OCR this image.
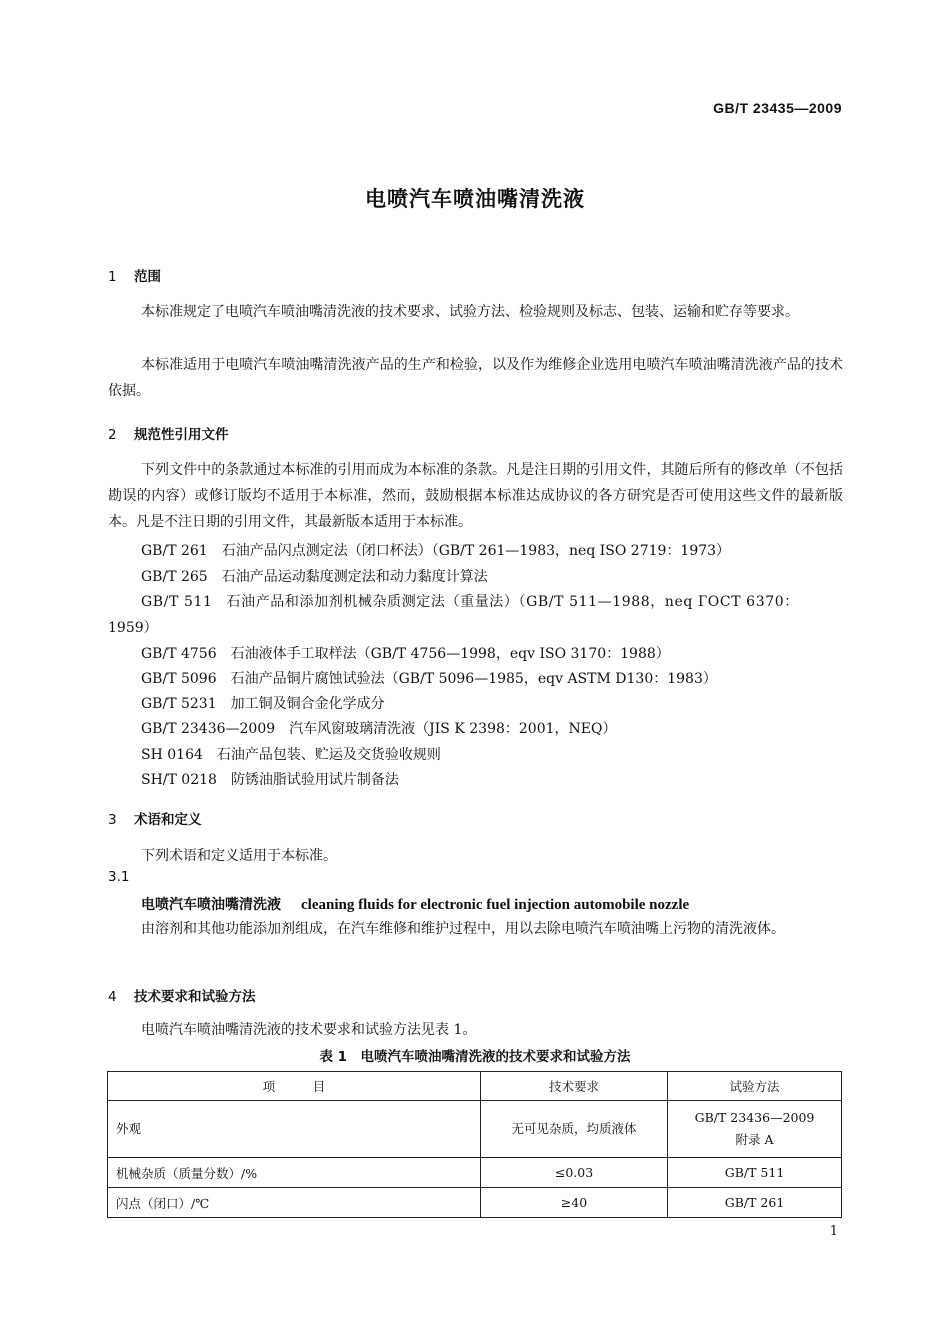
GB/T 23435—2009
电喷汽车喷油嘴清洗液
1 范围
本标准规定了电喷汽车喷油嘴清洗液的技术要求、试验方法、检验规则及标志、包装、运输和贮存等要求。
本标准适用于电喷汽车喷油嘴清洗液产品的生产和检验，以及作为维修企业选用电喷汽车喷油嘴清洗液产品的技术依据。
2 规范性引用文件
下列文件中的条款通过本标准的引用而成为本标准的条款。凡是注日期的引用文件，其随后所有的修改单（不包括勘误的内容）或修订版均不适用于本标准，然而，鼓励根据本标准达成协议的各方研究是否可使用这些文件的最新版本。凡是不注日期的引用文件，其最新版本适用于本标准。
GB/T 261 石油产品闪点测定法（闭口杯法）（GB/T 261—1983，neq ISO 2719：1973）
GB/T 265 石油产品运动黏度测定法和动力黏度计算法
GB/T 511 石油产品和添加剂机械杂质测定法（重量法）（GB/T 511—1988，neq ГОСТ 6370：
1959）
GB/T 4756 石油液体手工取样法（GB/T 4756—1998，eqv ISO 3170：1988）
GB/T 5096 石油产品铜片腐蚀试验法（GB/T 5096—1985，eqv ASTM D130：1983）
GB/T 5231 加工铜及铜合金化学成分
GB/T 23436—2009 汽车风窗玻璃清洗液（JIS K 2398：2001，NEQ）
SH 0164 石油产品包装、贮运及交货验收规则
SH/T 0218 防锈油脂试验用试片制备法
3 术语和定义
下列术语和定义适用于本标准。
3.1
电喷汽车喷油嘴清洗液 cleaning fluids for electronic fuel injection automobile nozzle
由溶剂和其他功能添加剂组成，在汽车维修和维护过程中，用以去除电喷汽车喷油嘴上污物的清洗液体。
4 技术要求和试验方法
电喷汽车喷油嘴清洗液的技术要求和试验方法见表 1。
表 1　电喷汽车喷油嘴清洗液的技术要求和试验方法
项　　　目	技术要求	试验方法
外观	无可见杂质，均质液体	GB/T 23436—2009
附录 A

机械杂质（质量分数）/%	≤0.03	GB/T 511
闪点（闭口）/℃	≥40	GB/T 261
1
